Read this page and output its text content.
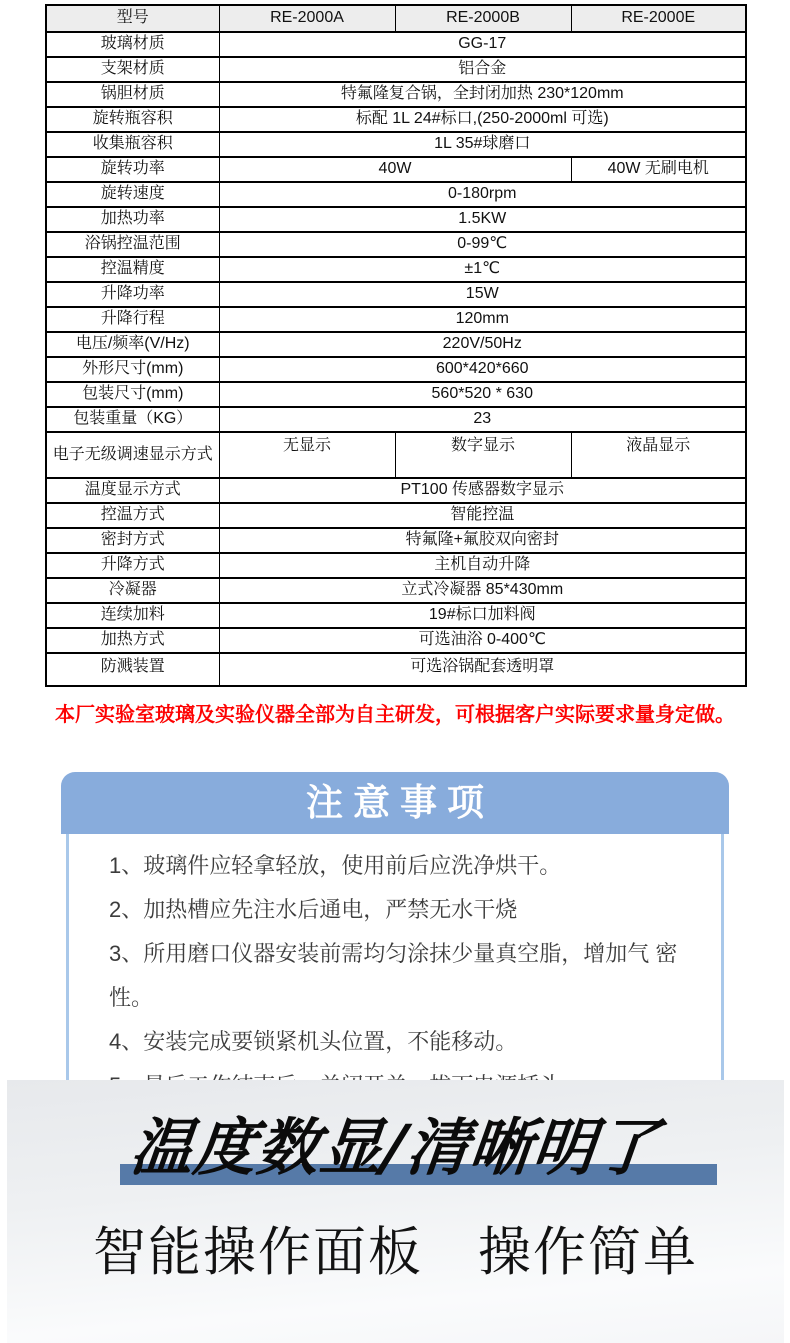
型号	RE-2000A	RE-2000B	RE-2000E
玻璃材质	GG-17		
支架材质	铝合金		
锅胆材质	特氟隆复合锅，全封闭加热 230*120mm		
旋转瓶容积	标配 1L 24#标口,(250-2000ml 可选)		
收集瓶容积	1L 35#球磨口		
旋转功率	40W		40W 无刷电机
旋转速度	0-180rpm		
加热功率	1.5KW		
浴锅控温范围	0-99℃		
控温精度	±1℃		
升降功率	15W		
升降行程	120mm		
电压/频率(V/Hz)	220V/50Hz		
外形尺寸(mm)	600*420*660		
包装尺寸(mm)	560*520 * 630		
包装重量（KG）	23		
电子无级调速显示方式	无显示	数字显示	液晶显示
温度显示方式	PT100 传感器数字显示		
控温方式	智能控温		
密封方式	特氟隆+氟胶双向密封		
升降方式	主机自动升降		
冷凝器	立式冷凝器 85*430mm		
连续加料	19#标口加料阀		
加热方式	可选油浴 0-400℃		
防溅装置	可选浴锅配套透明罩		
本厂实验室玻璃及实验仪器全部为自主研发，可根据客户实际要求量身定做。
注意事项
1、玻璃件应轻拿轻放，使用前后应洗净烘干。
2、加热槽应先注水后通电，严禁无水干烧
3、所用磨口仪器安装前需均匀涂抹少量真空脂，增加气 密性。
4、安装完成要锁紧机头位置，不能移动。
温度数显/清晰明了
智能操作面板　操作简单
